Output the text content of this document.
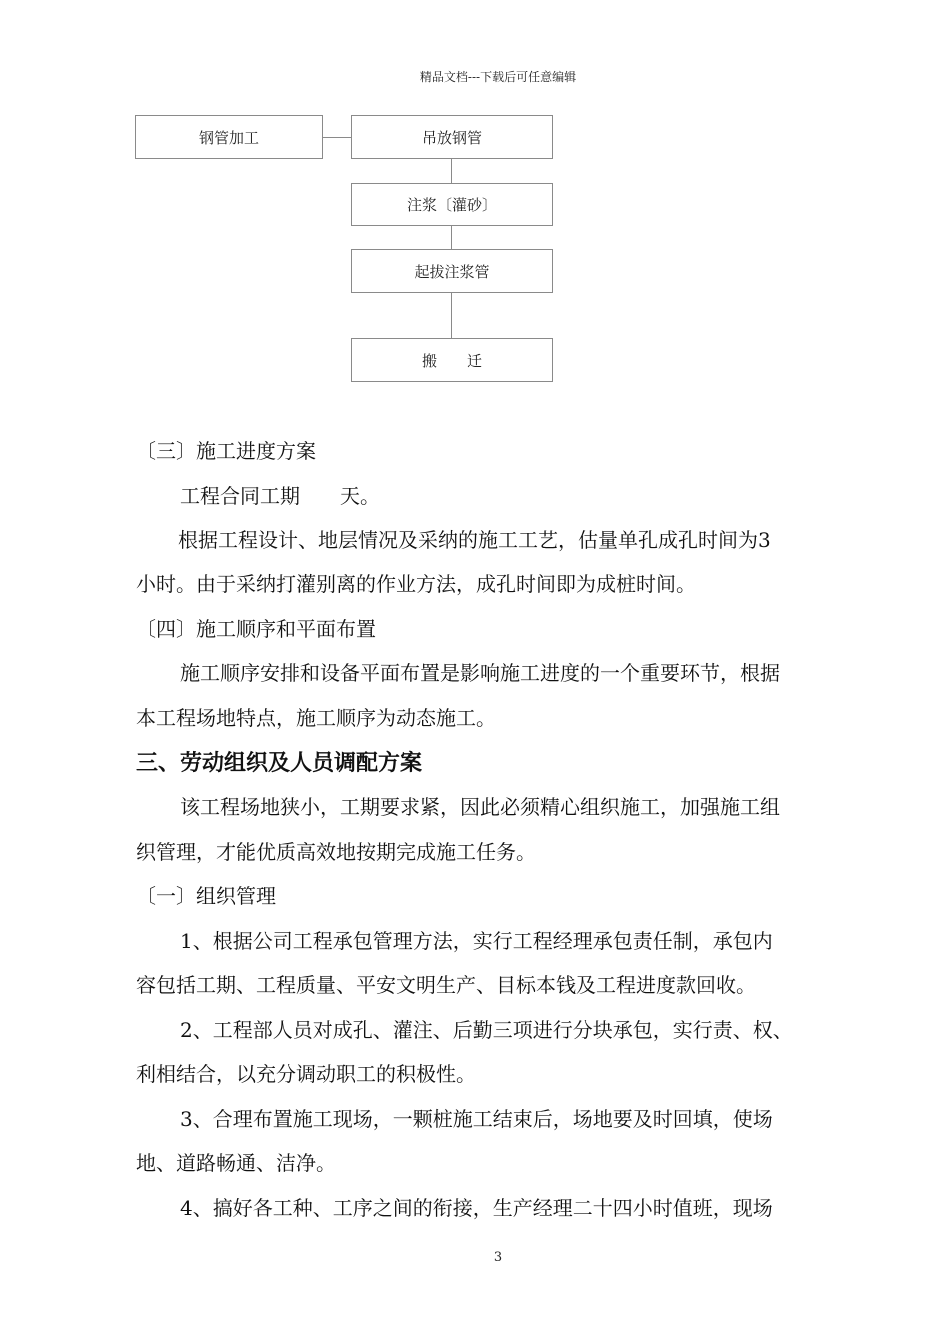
精品文档---下载后可任意编辑
钢管加工	吊放钢管
注浆〔灌砂〕
起拔注浆管
搬　　迁
〔三〕施工进度方案
工程合同工期　　天。
根据工程设计、地层情况及采纳的施工工艺，估量单孔成孔时间为3
小时。由于采纳打灌别离的作业方法，成孔时间即为成桩时间。
〔四〕施工顺序和平面布置
施工顺序安排和设备平面布置是影响施工进度的一个重要环节，根据
本工程场地特点，施工顺序为动态施工。
三、劳动组织及人员调配方案
该工程场地狭小，工期要求紧，因此必须精心组织施工，加强施工组
织管理，才能优质高效地按期完成施工任务。
〔一〕组织管理
1、根据公司工程承包管理方法，实行工程经理承包责任制，承包内
容包括工期、工程质量、平安文明生产、目标本钱及工程进度款回收。
2、工程部人员对成孔、灌注、后勤三项进行分块承包，实行责、权、
利相结合，以充分调动职工的积极性。
3、合理布置施工现场，一颗桩施工结束后，场地要及时回填，使场
地、道路畅通、洁净。
4、搞好各工种、工序之间的衔接，生产经理二十四小时值班，现场
3
